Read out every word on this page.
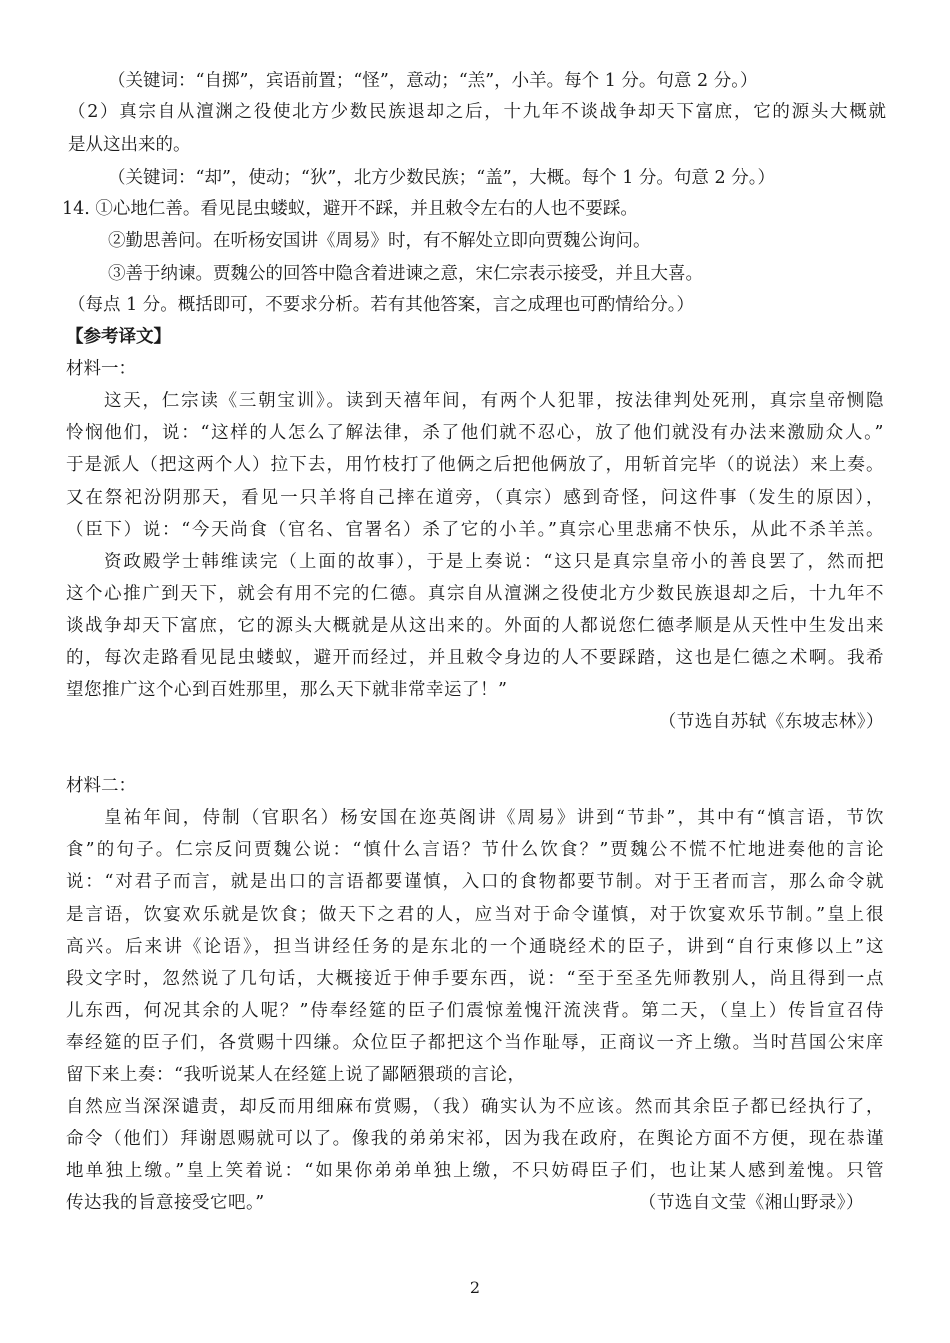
（关键词：“自掷”，宾语前置；“怪”，意动；“羔”，小羊。每个 1 分。句意 2 分。）
（2）真宗自从澶渊之役使北方少数民族退却之后，十九年不谈战争却天下富庶，它的源头大概就
是从这出来的。
（关键词：“却”，使动；“狄”，北方少数民族；“盖”，大概。每个 1 分。句意 2 分。）
14. ①心地仁善。看见昆虫蝼蚁，避开不踩，并且敕令左右的人也不要踩。
②勤思善问。在听杨安国讲《周易》时，有不解处立即向贾魏公询问。
③善于纳谏。贾魏公的回答中隐含着进谏之意，宋仁宗表示接受，并且大喜。
（每点 1 分。概括即可，不要求分析。若有其他答案，言之成理也可酌情给分。）
【参考译文】
材料一：
这天，仁宗读《三朝宝训》。读到天禧年间，有两个人犯罪，按法律判处死刑，真宗皇帝恻隐
怜悯他们，说：“这样的人怎么了解法律，杀了他们就不忍心，放了他们就没有办法来激励众人。”
于是派人（把这两个人）拉下去，用竹枝打了他俩之后把他俩放了，用斩首完毕（的说法）来上奏。
又在祭祀汾阴那天，看见一只羊将自己摔在道旁，（真宗）感到奇怪，问这件事（发生的原因），
（臣下）说：“今天尚食（官名、官署名）杀了它的小羊。”真宗心里悲痛不快乐，从此不杀羊羔。
资政殿学士韩维读完（上面的故事），于是上奏说：“这只是真宗皇帝小的善良罢了，然而把
这个心推广到天下，就会有用不完的仁德。真宗自从澶渊之役使北方少数民族退却之后，十九年不
谈战争却天下富庶，它的源头大概就是从这出来的。外面的人都说您仁德孝顺是从天性中生发出来
的，每次走路看见昆虫蝼蚁，避开而经过，并且敕令身边的人不要踩踏，这也是仁德之术啊。我希
望您推广这个心到百姓那里，那么天下就非常幸运了！”
（节选自苏轼《东坡志林》）
材料二：
皇祐年间，侍制（官职名）杨安国在迩英阁讲《周易》讲到“节卦”，其中有“慎言语，节饮
食”的句子。仁宗反问贾魏公说：“慎什么言语？节什么饮食？”贾魏公不慌不忙地进奏他的言论
说：“对君子而言，就是出口的言语都要谨慎，入口的食物都要节制。对于王者而言，那么命令就
是言语，饮宴欢乐就是饮食；做天下之君的人，应当对于命令谨慎，对于饮宴欢乐节制。”皇上很
高兴。后来讲《论语》，担当讲经任务的是东北的一个通晓经术的臣子，讲到“自行束修以上”这
段文字时，忽然说了几句话，大概接近于伸手要东西，说：“至于至圣先师教别人，尚且得到一点
儿东西，何况其余的人呢？”侍奉经筵的臣子们震惊羞愧汗流浃背。第二天，（皇上）传旨宣召侍
奉经筵的臣子们，各赏赐十四缣。众位臣子都把这个当作耻辱，正商议一齐上缴。当时莒国公宋庠
留下来上奏：“我听说某人在经筵上说了鄙陋猥琐的言论，
自然应当深深谴责，却反而用细麻布赏赐，（我）确实认为不应该。然而其余臣子都已经执行了，
命令（他们）拜谢恩赐就可以了。像我的弟弟宋祁，因为我在政府，在舆论方面不方便，现在恭谨
地单独上缴。”皇上笑着说：“如果你弟弟单独上缴，不只妨碍臣子们，也让某人感到羞愧。只管
传达我的旨意接受它吧。”	（节选自文莹《湘山野录》）
2
